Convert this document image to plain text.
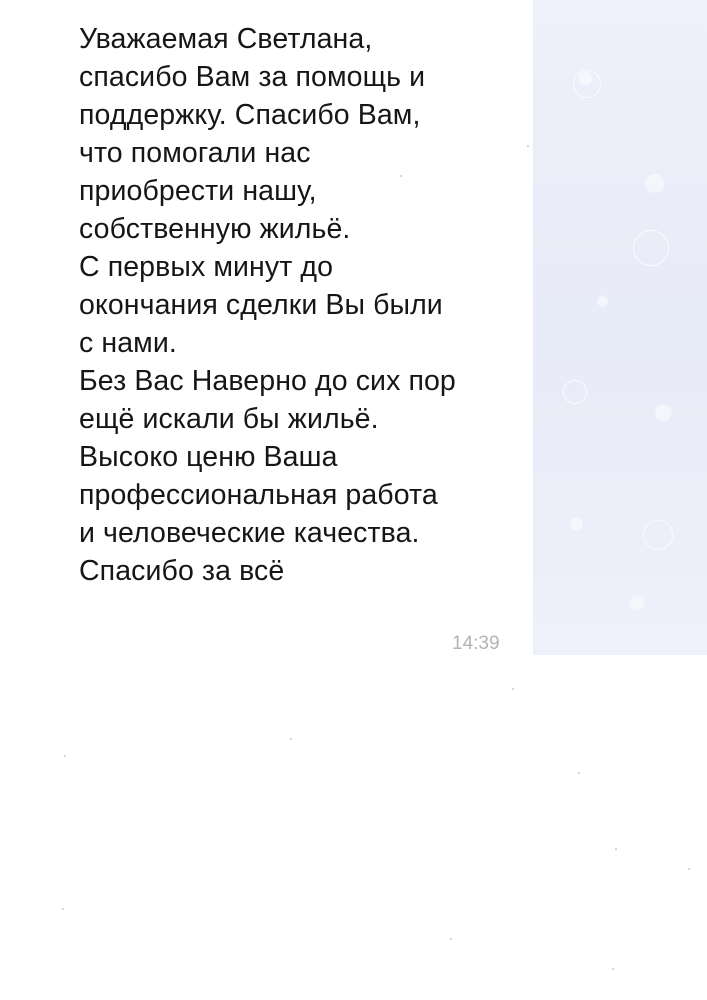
Уважаемая Светлана,
спасибо Вам за помощь и
поддержку. Спасибо Вам,
что помогали нас
приобрести нашу,
собственную жильё.
С первых минут до
окончания сделки Вы были
с нами.
Без Вас Наверно до сих пор
ещё искали бы жильё.
Высоко ценю Ваша
профессиональная работа
и человеческие качества.
Спасибо за всё

14:39
